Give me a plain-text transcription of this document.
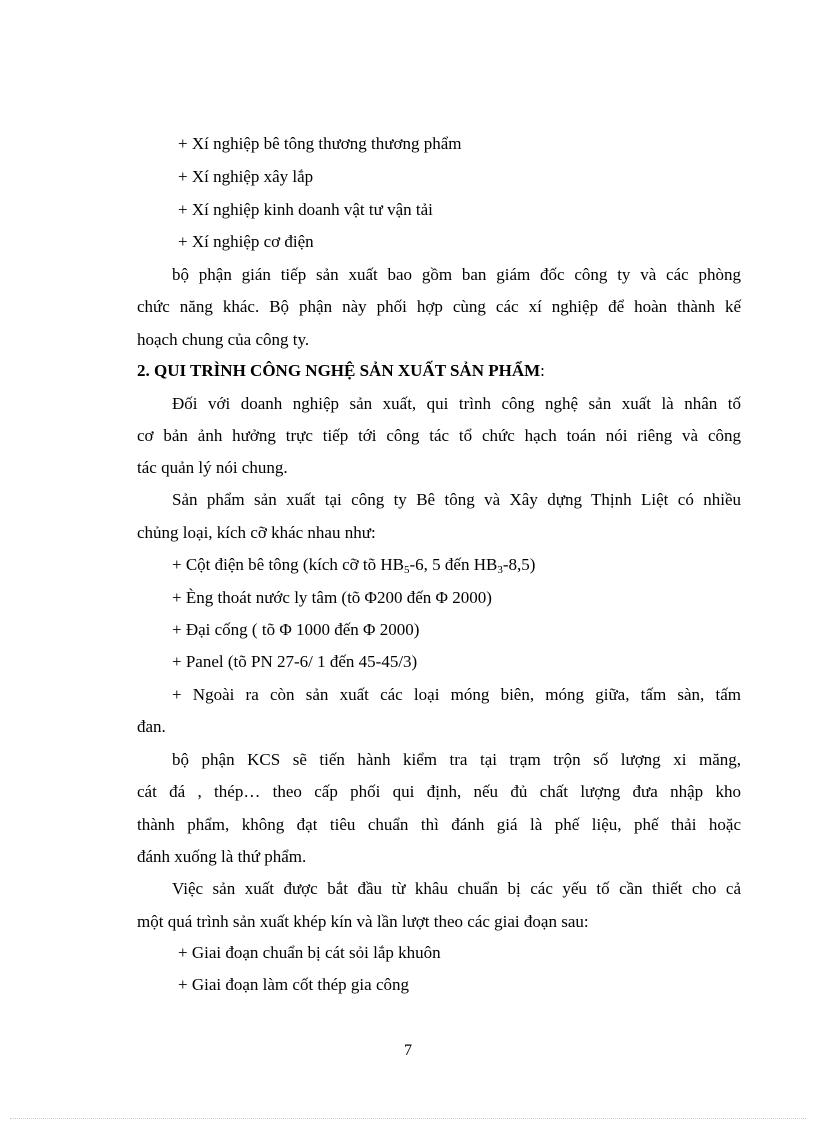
+ Xí nghiệp bê tông thương thương phẩm
+ Xí nghiệp xây lắp
+ Xí nghiệp kinh doanh vật tư vận tải
+ Xí nghiệp cơ điện
bộ phận gián tiếp sản xuất bao gồm ban giám đốc công ty và các phòng
chức năng khác. Bộ phận này phối hợp cùng các xí nghiệp để hoàn thành kế
hoạch chung của công ty.
2. QUI TRÌNH CÔNG NGHỆ SẢN XUẤT SẢN PHẨM:
Đối với doanh nghiệp sản xuất, qui trình công nghệ sản xuất là nhân tố
cơ bản ảnh hưởng trực tiếp tới công tác tổ chức hạch toán nói riêng và công
tác quản lý nói chung.
Sản phẩm sản xuất tại công ty Bê tông và Xây dựng Thịnh Liệt có nhiều
chủng loại, kích cỡ khác nhau như:
+ Cột điện bê tông (kích cỡ tõ $HB_5-6$, 5 đến $HB_3-8,5$)
+ Èng thoát nước ly tâm (tõ Φ200 đến Φ 2000)
+ Đại cống ( tõ Φ 1000 đến Φ 2000)
+ Panel (tõ PN 27-6/ 1 đến 45-45/3)
+ Ngoài ra còn sản xuất các loại móng biên, móng giữa, tấm sàn, tấm
đan.
bộ phận KCS sẽ tiến hành kiểm tra tại trạm trộn số lượng xi măng,
cát đá , thép… theo cấp phối qui định, nếu đủ chất lượng đưa nhập kho
thành phẩm, không đạt tiêu chuẩn thì đánh giá là phế liệu, phế thải hoặc
đánh xuống là thứ phẩm.
Việc sản xuất được bắt đầu từ khâu chuẩn bị các yếu tố cần thiết cho cả
một quá trình sản xuất khép kín và lần lượt theo các giai đoạn sau:
+ Giai đoạn chuẩn bị cát sỏi lắp khuôn
+ Giai đoạn làm cốt thép gia công
7
